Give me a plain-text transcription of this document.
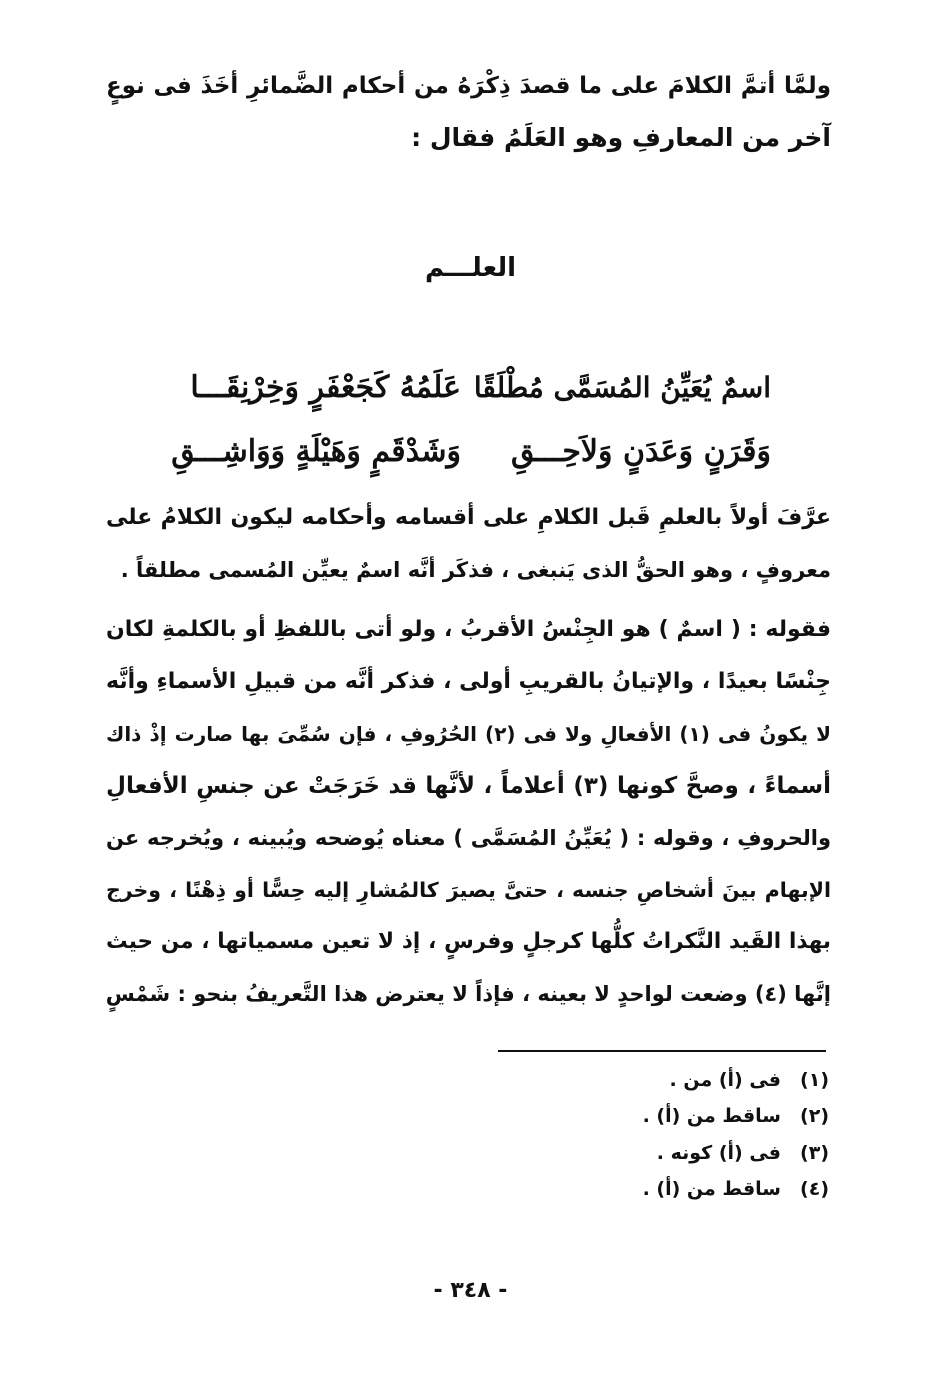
ولمَّا أتمَّ الكلامَ على ما قصدَ ذِكْرَهُ من أحكام الضَّمائرِ أخَذَ فى نوعٍ
آخر من المعارفِ وهو العَلَمُ فقال :
العلـــم
اسمٌ يُعَيِّنُ المُسَمَّى مُطْلَقًا
عَلَمُهُ كَجَعْفَرٍ وَخِرْنِقَـــا
وَقَرَنٍ وَعَدَنٍ وَلاَحِـــقِ
وَشَدْقَمٍ وَهَيْلَةٍ وَوَاشِـــقِ
عرَّفَ أولاً بالعلمِ قَبل الكلامِ على أقسامه وأحكامه ليكون الكلامُ على
معروفٍ ، وهو الحقُّ الذى يَنبغى ، فذكَر أنَّه اسمٌ يعيِّن المُسمى مطلقاً .
فقوله : ( اسمٌ ) هو الجِنْسُ الأقربُ ، ولو أتى باللفظِ أو بالكلمةِ لكان
جِنْسًا بعيدًا ، والإتيانُ بالقريبِ أولى ، فذكر أنَّه من قبيلِ الأسماءِ وأنَّه
لا يكونُ فى (١) الأفعالِ ولا فى (٢) الحُرُوفِ ، فإن سُمِّىَ بها صارت إذْ ذاك
أسماءً ، وصحَّ كونها (٣) أعلاماً ، لأنَّها قد خَرَجَتْ عن جنسِ الأفعالِ
والحروفِ ، وقوله : ( يُعَيِّنُ المُسَمَّى ) معناه يُوضحه ويُبينه ، ويُخرجه عن
الإبهام بينَ أشخاصِ جنسه ، حتىَّ يصيرَ كالمُشارِ إليه حِسًّا أو ذِهْنًا ، وخرج
بهذا القَيد النَّكراتُ كلُّها كرجلٍ وفرسٍ ، إذ لا تعين مسمياتها ، من حيث
إنَّها (٤) وضعت لواحدٍ لا بعينه ، فإذاً لا يعترض هذا التَّعريفُ بنحو : شَمْسٍ
(١)فى (أ) من .
(٢)ساقط من (أ) .
(٣)فى (أ) كونه .
(٤)ساقط من (أ) .
- ٣٤٨ -
